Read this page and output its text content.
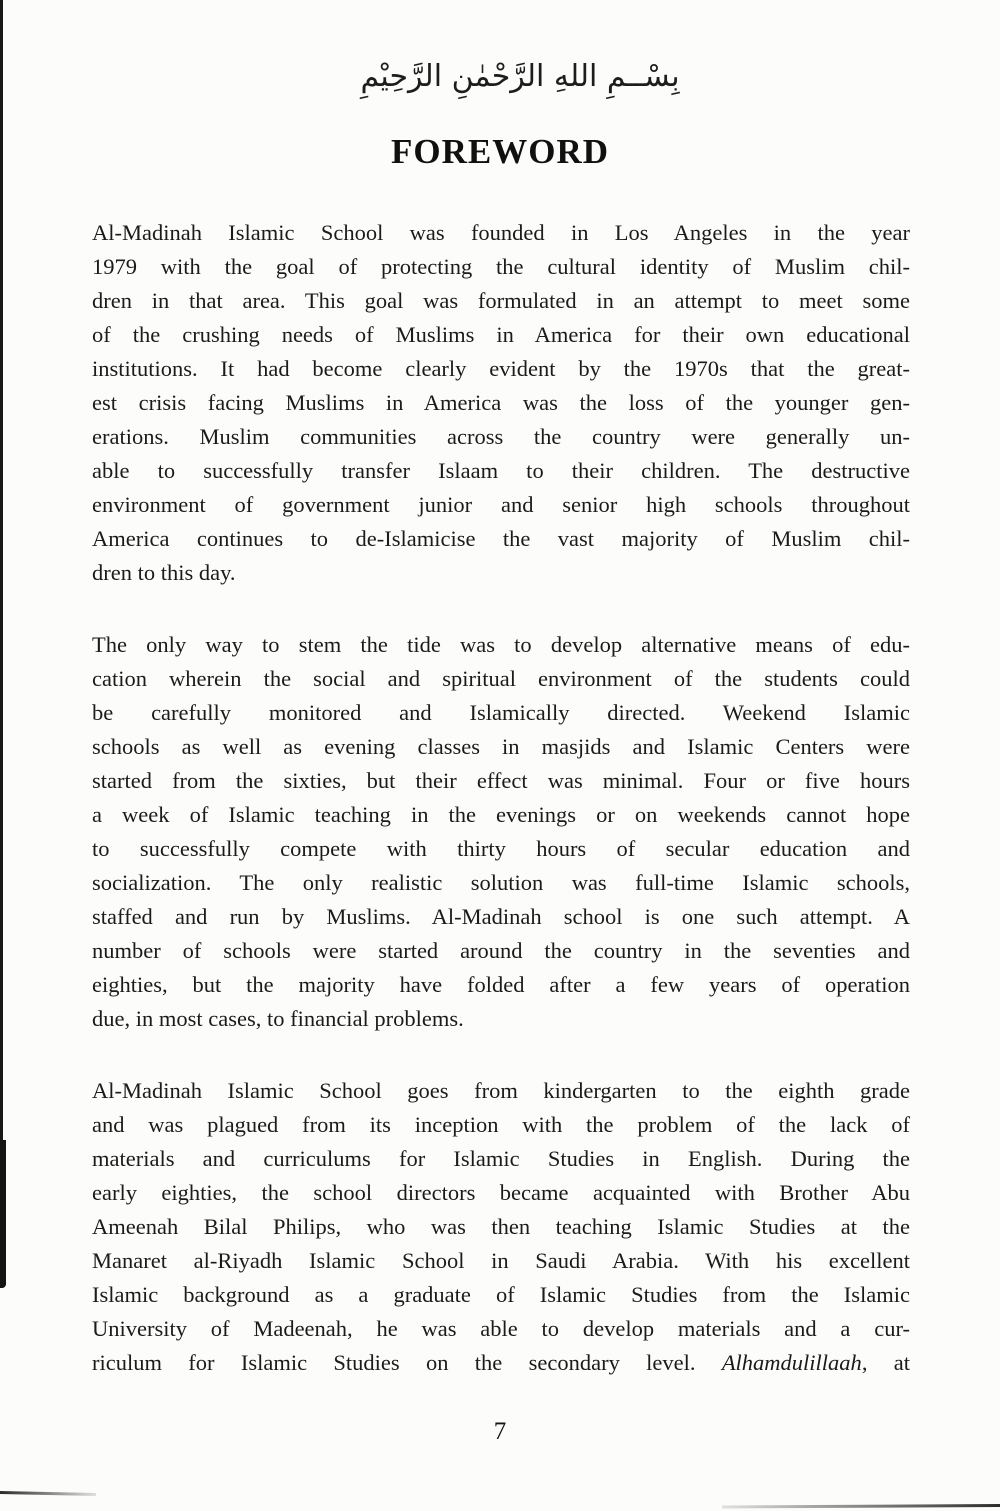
بِسْــمِ اللهِ الرَّحْمٰنِ الرَّحِيْمِ
FOREWORD
Al-Madinah Islamic School was founded in Los Angeles in the year
1979 with the goal of protecting the cultural identity of Muslim chil-
dren in that area. This goal was formulated in an attempt to meet some
of the crushing needs of Muslims in America for their own educational
institutions. It had become clearly evident by the 1970s that the great-
est crisis facing Muslims in America was the loss of the younger gen-
erations. Muslim communities across the country were generally un-
able to successfully transfer Islaam to their children. The destructive
environment of government junior and senior high schools throughout
America continues to de-Islamicise the vast majority of Muslim chil-
dren to this day.
The only way to stem the tide was to develop alternative means of edu-
cation wherein the social and spiritual environment of the students could
be carefully monitored and Islamically directed. Weekend Islamic
schools as well as evening classes in masjids and Islamic Centers were
started from the sixties, but their effect was minimal. Four or five hours
a week of Islamic teaching in the evenings or on weekends cannot hope
to successfully compete with thirty hours of secular education and
socialization. The only realistic solution was full-time Islamic schools,
staffed and run by Muslims. Al-Madinah school is one such attempt. A
number of schools were started around the country in the seventies and
eighties, but the majority have folded after a few years of operation
due, in most cases, to financial problems.
Al-Madinah Islamic School goes from kindergarten to the eighth grade
and was plagued from its inception with the problem of the lack of
materials and curriculums for Islamic Studies in English. During the
early eighties, the school directors became acquainted with Brother Abu
Ameenah Bilal Philips, who was then teaching Islamic Studies at the
Manaret al-Riyadh Islamic School in Saudi Arabia. With his excellent
Islamic background as a graduate of Islamic Studies from the Islamic
University of Madeenah, he was able to develop materials and a cur-
riculum for Islamic Studies on the secondary level. Alhamdulillaah, at
7
